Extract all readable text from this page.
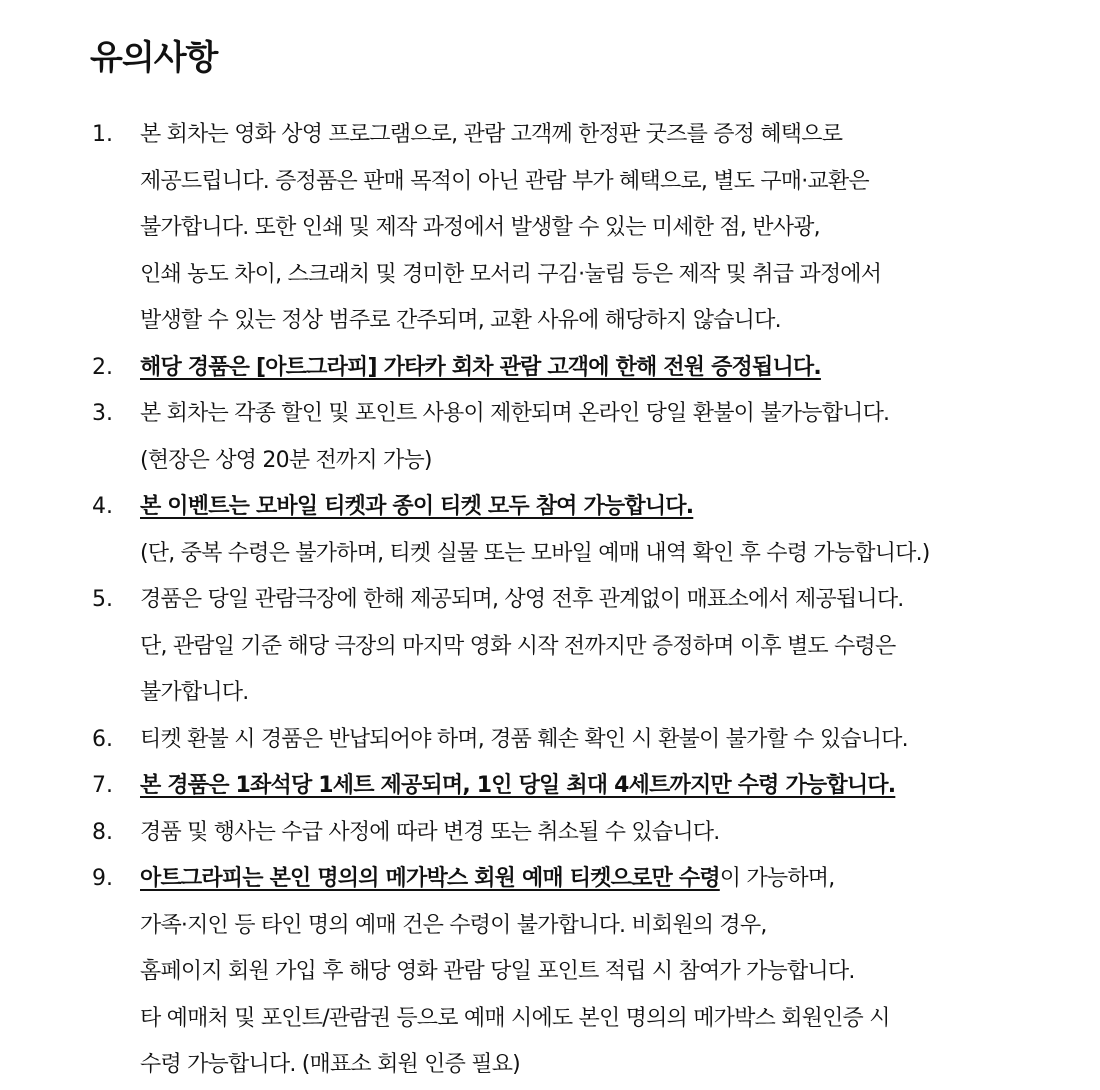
유의사항
1.	본 회차는 영화 상영 프로그램으로, 관람 고객께 한정판 굿즈를 증정 혜택으로
제공드립니다. 증정품은 판매 목적이 아닌 관람 부가 혜택으로, 별도 구매·교환은
불가합니다. 또한 인쇄 및 제작 과정에서 발생할 수 있는 미세한 점, 반사광,
인쇄 농도 차이, 스크래치 및 경미한 모서리 구김·눌림 등은 제작 및 취급 과정에서
발생할 수 있는 정상 범주로 간주되며, 교환 사유에 해당하지 않습니다.
2.	해당 경품은 [아트그라피] 가타카 회차 관람 고객에 한해 전원 증정됩니다.
3.	본 회차는 각종 할인 및 포인트 사용이 제한되며 온라인 당일 환불이 불가능합니다.
(현장은 상영 20분 전까지 가능)
4.	본 이벤트는 모바일 티켓과 종이 티켓 모두 참여 가능합니다.
(단, 중복 수령은 불가하며, 티켓 실물 또는 모바일 예매 내역 확인 후 수령 가능합니다.)
5.	경품은 당일 관람극장에 한해 제공되며, 상영 전후 관계없이 매표소에서 제공됩니다.
단, 관람일 기준 해당 극장의 마지막 영화 시작 전까지만 증정하며 이후 별도 수령은
불가합니다.
6.	티켓 환불 시 경품은 반납되어야 하며, 경품 훼손 확인 시 환불이 불가할 수 있습니다.
7.	본 경품은 1좌석당 1세트 제공되며, 1인 당일 최대 4세트까지만 수령 가능합니다.
8.	경품 및 행사는 수급 사정에 따라 변경 또는 취소될 수 있습니다.
9.	아트그라피는 본인 명의의 메가박스 회원 예매 티켓으로만 수령이 가능하며,
가족·지인 등 타인 명의 예매 건은 수령이 불가합니다. 비회원의 경우,
홈페이지 회원 가입 후 해당 영화 관람 당일 포인트 적립 시 참여가 가능합니다.
타 예매처 및 포인트/관람권 등으로 예매 시에도 본인 명의의 메가박스 회원인증 시
수령 가능합니다. (매표소 회원 인증 필요)
